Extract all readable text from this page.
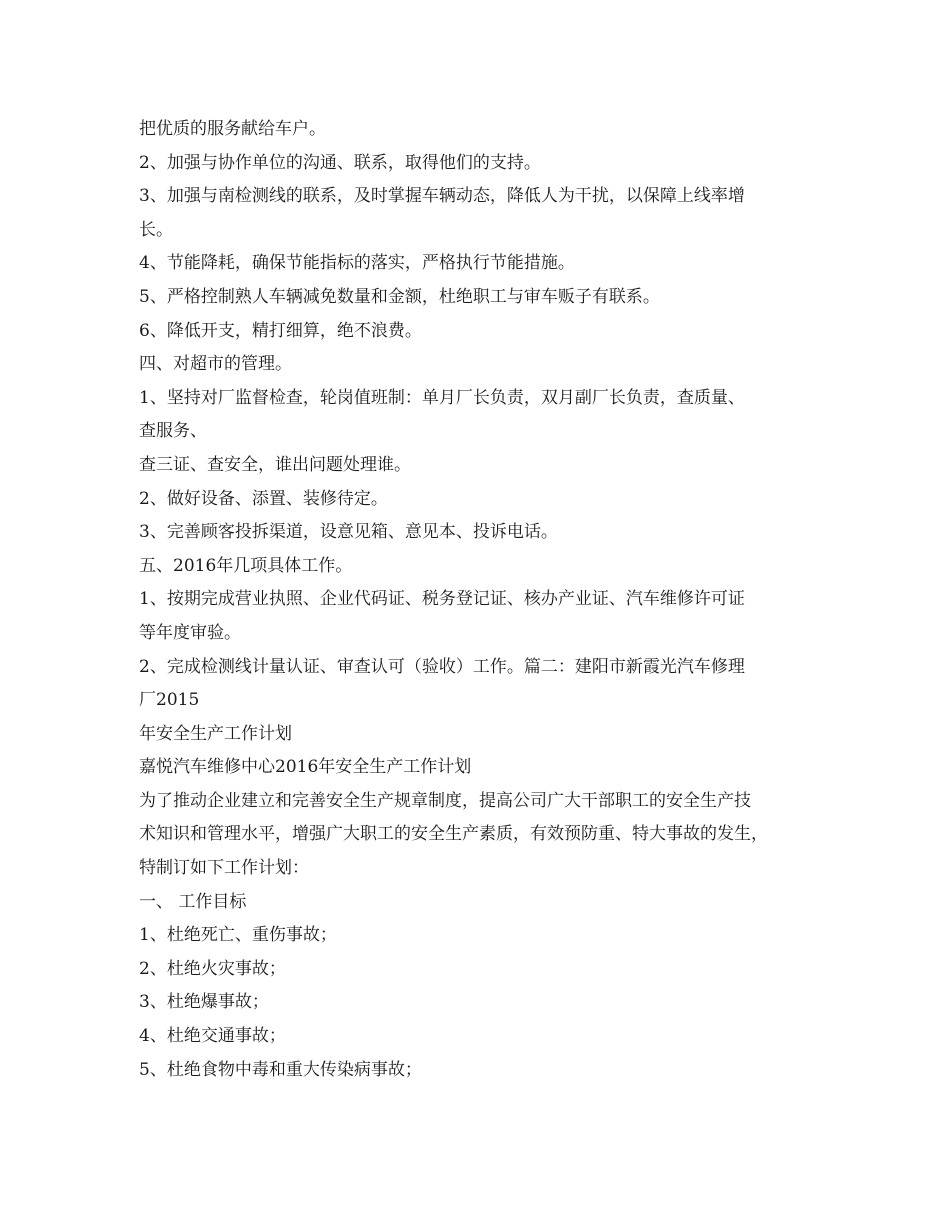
把优质的服务献给车户。
2、加强与协作单位的沟通、联系，取得他们的支持。
3、加强与南检测线的联系，及时掌握车辆动态，降低人为干扰，以保障上线率增
长。
4、节能降耗，确保节能指标的落实，严格执行节能措施。
5、严格控制熟人车辆减免数量和金额，杜绝职工与审车贩子有联系。
6、降低开支，精打细算，绝不浪费。
四、对超市的管理。
1、坚持对厂监督检查，轮岗值班制：单月厂长负责，双月副厂长负责，查质量、
查服务、
查三证、查安全，谁出问题处理谁。
2、做好设备、添置、装修待定。
3、完善顾客投拆渠道，设意见箱、意见本、投诉电话。
五、2016年几项具体工作。
1、按期完成营业执照、企业代码证、税务登记证、核办产业证、汽车维修许可证
等年度审验。
2、完成检测线计量认证、审查认可（验收）工作。篇二：建阳市新霞光汽车修理
厂2015
年安全生产工作计划
嘉悦汽车维修中心2016年安全生产工作计划
为了推动企业建立和完善安全生产规章制度，提高公司广大干部职工的安全生产技
术知识和管理水平，增强广大职工的安全生产素质，有效预防重、特大事故的发生，
特制订如下工作计划：
一、 工作目标
1、杜绝死亡、重伤事故；
2、杜绝火灾事故；
3、杜绝爆事故；
4、杜绝交通事故；
5、杜绝食物中毒和重大传染病事故；
